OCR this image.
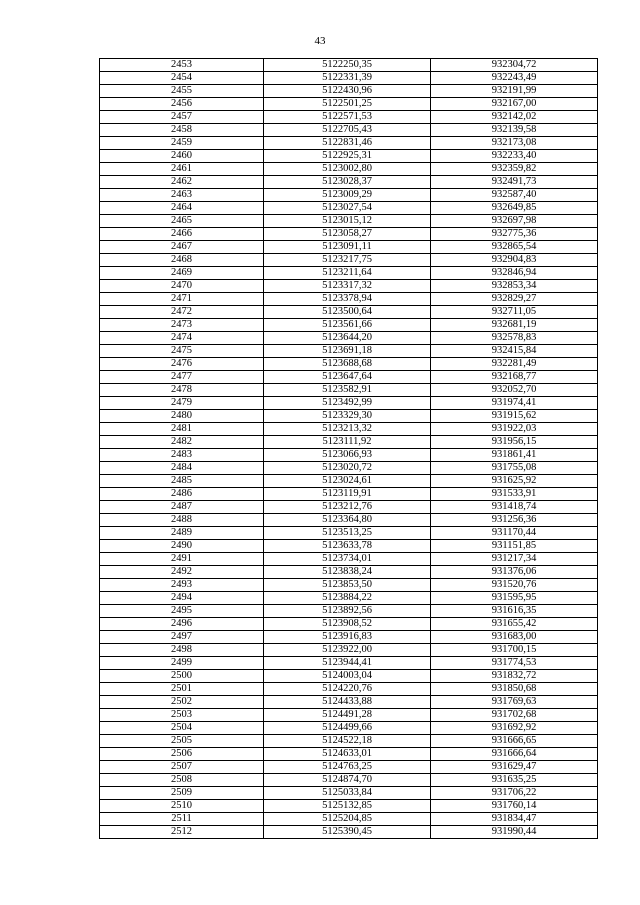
43
2453	5122250,35	932304,72
2454	5122331,39	932243,49
2455	5122430,96	932191,99
2456	5122501,25	932167,00
2457	5122571,53	932142,02
2458	5122705,43	932139,58
2459	5122831,46	932173,08
2460	5122925,31	932233,40
2461	5123002,80	932359,82
2462	5123028,37	932491,73
2463	5123009,29	932587,40
2464	5123027,54	932649,85
2465	5123015,12	932697,98
2466	5123058,27	932775,36
2467	5123091,11	932865,54
2468	5123217,75	932904,83
2469	5123211,64	932846,94
2470	5123317,32	932853,34
2471	5123378,94	932829,27
2472	5123500,64	932711,05
2473	5123561,66	932681,19
2474	5123644,20	932578,83
2475	5123691,18	932415,84
2476	5123688,68	932281,49
2477	5123647,64	932168,77
2478	5123582,91	932052,70
2479	5123492,99	931974,41
2480	5123329,30	931915,62
2481	5123213,32	931922,03
2482	5123111,92	931956,15
2483	5123066,93	931861,41
2484	5123020,72	931755,08
2485	5123024,61	931625,92
2486	5123119,91	931533,91
2487	5123212,76	931418,74
2488	5123364,80	931256,36
2489	5123513,25	931170,44
2490	5123633,78	931151,85
2491	5123734,01	931217,34
2492	5123838,24	931376,06
2493	5123853,50	931520,76
2494	5123884,22	931595,95
2495	5123892,56	931616,35
2496	5123908,52	931655,42
2497	5123916,83	931683,00
2498	5123922,00	931700,15
2499	5123944,41	931774,53
2500	5124003,04	931832,72
2501	5124220,76	931850,68
2502	5124433,88	931769,63
2503	5124491,28	931702,68
2504	5124499,66	931692,92
2505	5124522,18	931666,65
2506	5124633,01	931666,64
2507	5124763,25	931629,47
2508	5124874,70	931635,25
2509	5125033,84	931706,22
2510	5125132,85	931760,14
2511	5125204,85	931834,47
2512	5125390,45	931990,44
